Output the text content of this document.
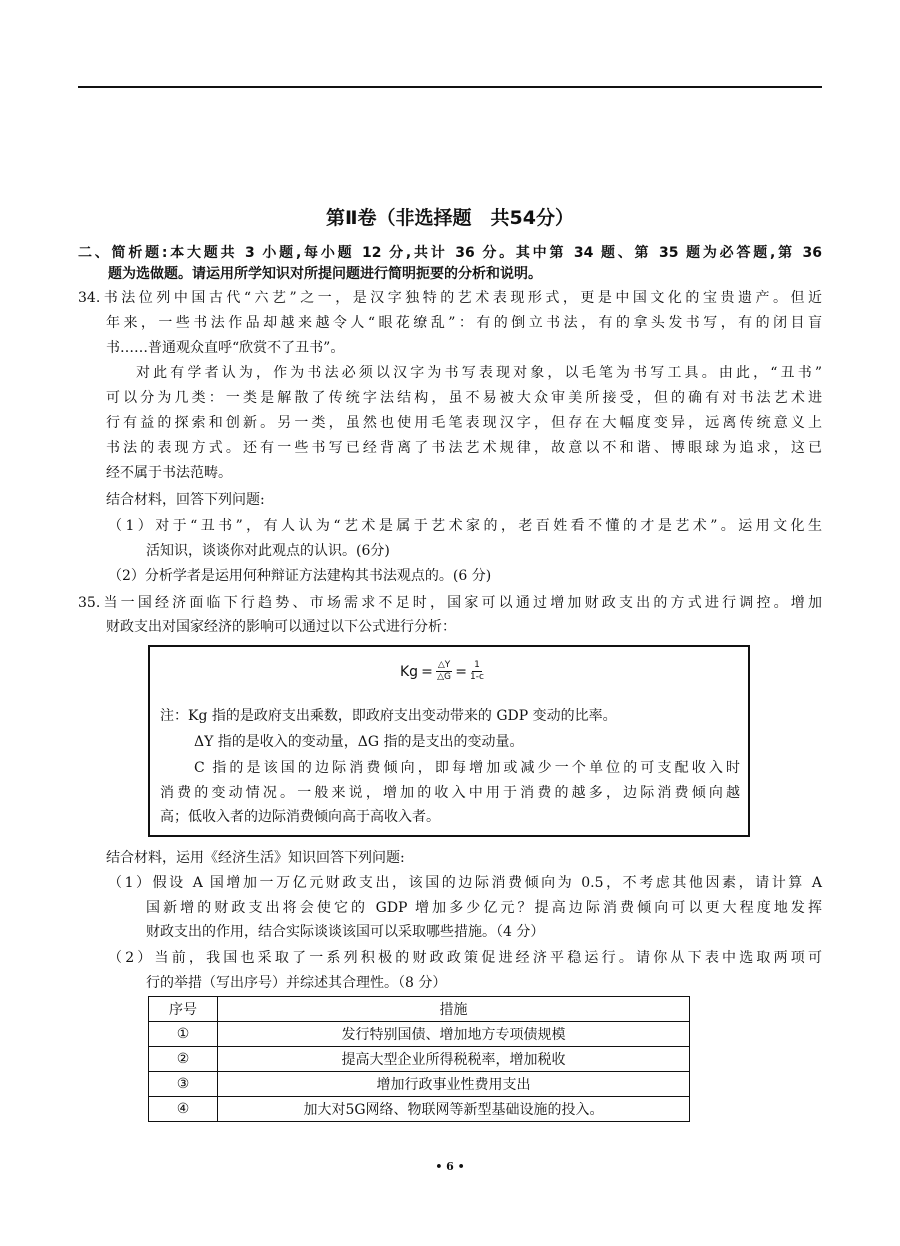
第Ⅱ卷（非选择题　共54分）
二、简析题:本大题共 3 小题,每小题 12 分,共计 36 分。其中第 34 题、第 35 题为必答题,第 36
题为选做题。请运用所学知识对所提问题进行简明扼要的分析和说明。
34.书法位列中国古代“六艺”之一，是汉字独特的艺术表现形式，更是中国文化的宝贵遗产。但近
年来，一些书法作品却越来越令人“眼花缭乱”：有的倒立书法，有的拿头发书写，有的闭目盲
书……普通观众直呼“欣赏不了丑书”。
对此有学者认为，作为书法必须以汉字为书写表现对象，以毛笔为书写工具。由此，“丑书”
可以分为几类：一类是解散了传统字法结构，虽不易被大众审美所接受，但的确有对书法艺术进
行有益的探索和创新。另一类，虽然也使用毛笔表现汉字，但存在大幅度变异，远离传统意义上
书法的表现方式。还有一些书写已经背离了书法艺术规律，故意以不和谐、博眼球为追求，这已
经不属于书法范畴。
结合材料，回答下列问题:
（1）对于“丑书”，有人认为“艺术是属于艺术家的，老百姓看不懂的才是艺术”。运用文化生
活知识，谈谈你对此观点的认识。(6分)
（2）分析学者是运用何种辩证方法建构其书法观点的。(6 分)
35.当一国经济面临下行趋势、市场需求不足时，国家可以通过增加财政支出的方式进行调控。增加
财政支出对国家经济的影响可以通过以下公式进行分析：
$Kg = \frac{\triangle Y}{\triangle G} = \frac{1}{1-c}$
注：Kg 指的是政府支出乘数，即政府支出变动带来的 GDP 变动的比率。
ΔY 指的是收入的变动量，ΔG 指的是支出的变动量。
C 指的是该国的边际消费倾向，即每增加或减少一个单位的可支配收入时
消费的变动情况。一般来说，增加的收入中用于消费的越多，边际消费倾向越
高；低收入者的边际消费倾向高于高收入者。
结合材料，运用《经济生活》知识回答下列问题:
（1）假设 A 国增加一万亿元财政支出，该国的边际消费倾向为 0.5，不考虑其他因素，请计算 A
国新增的财政支出将会使它的 GDP 增加多少亿元？提高边际消费倾向可以更大程度地发挥
财政支出的作用，结合实际谈谈该国可以采取哪些措施。（4 分）
（2）当前，我国也采取了一系列积极的财政政策促进经济平稳运行。请你从下表中选取两项可
行的举措（写出序号）并综述其合理性。（8 分）
序号	措施
①	发行特别国债、增加地方专项债规模
②	提高大型企业所得税税率，增加税收
③	增加行政事业性费用支出
④	加大对5G网络、物联网等新型基础设施的投入。
• 6 •
